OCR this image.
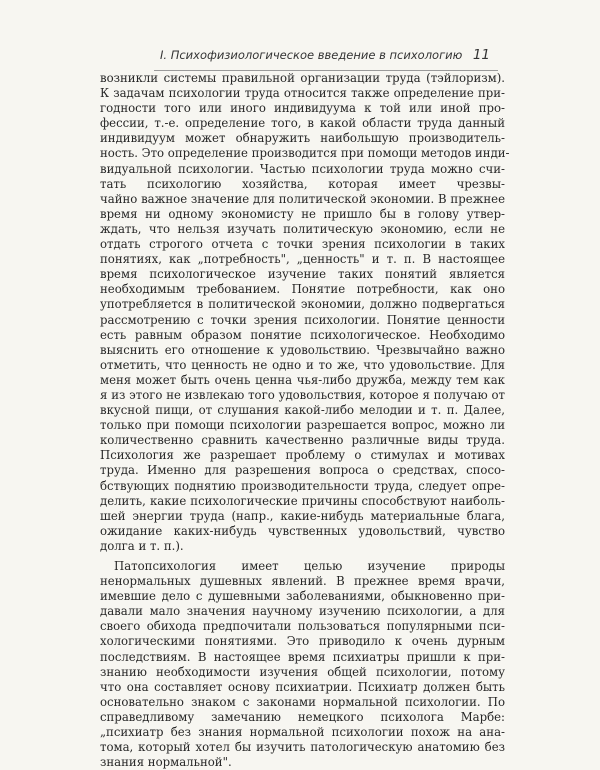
I. Психофизиологическое введение в психологию 11
возникли системы правильной организации труда (тэйлоризм).
К задачам психологии труда относится также определение при-
годности того или иного индивидуума к той или иной про-
фессии, т.-е. определение того, в какой области труда данный
индивидуум может обнаружить наибольшую производитель-
ность. Это определение производится при помощи методов инди-
видуальной психологии. Частью психологии труда можно счи-
тать психологию хозяйства, которая имеет чрезвы-
чайно важное значение для политической экономии. В прежнее
время ни одному экономисту не пришло бы в голову утвер-
ждать, что нельзя изучать политическую экономию, если не
отдать строгого отчета с точки зрения психологии в таких
понятиях, как „потребность", „ценность" и т. п. В настоящее
время психологическое изучение таких понятий является
необходимым требованием. Понятие потребности, как оно
употребляется в политической экономии, должно подвергаться
рассмотрению с точки зрения психологии. Понятие ценности
есть равным образом понятие психологическое. Необходимо
выяснить его отношение к удовольствию. Чрезвычайно важно
отметить, что ценность не одно и то же, что удовольствие. Для
меня может быть очень ценна чья-либо дружба, между тем как
я из этого не извлекаю того удовольствия, которое я получаю от
вкусной пищи, от слушания какой-либо мелодии и т. п. Далее,
только при помощи психологии разрешается вопрос, можно ли
количественно сравнить качественно различные виды труда.
Психология же разрешает проблему о стимулах и мотивах
труда. Именно для разрешения вопроса о средствах, спосо-
бствующих поднятию производительности труда, следует опре-
делить, какие психологические причины способствуют наиболь-
шей энергии труда (напр., какие-нибудь материальные блага,
ожидание каких-нибудь чувственных удовольствий, чувство
долга и т. п.).
Патопсихология имеет целью изучение природы
ненормальных душевных явлений. В прежнее время врачи,
имевшие дело с душевными заболеваниями, обыкновенно при-
давали мало значения научному изучению психологии, а для
своего обихода предпочитали пользоваться популярными пси-
хологическими понятиями. Это приводило к очень дурным
последствиям. В настоящее время психиатры пришли к при-
знанию необходимости изучения общей психологии, потому
что она составляет основу психиатрии. Психиатр должен быть
основательно знаком с законами нормальной психологии. По
справедливому замечанию немецкого психолога Марбе:
„психиатр без знания нормальной психологии похож на ана-
тома, который хотел бы изучить патологическую анатомию без
знания нормальной".
